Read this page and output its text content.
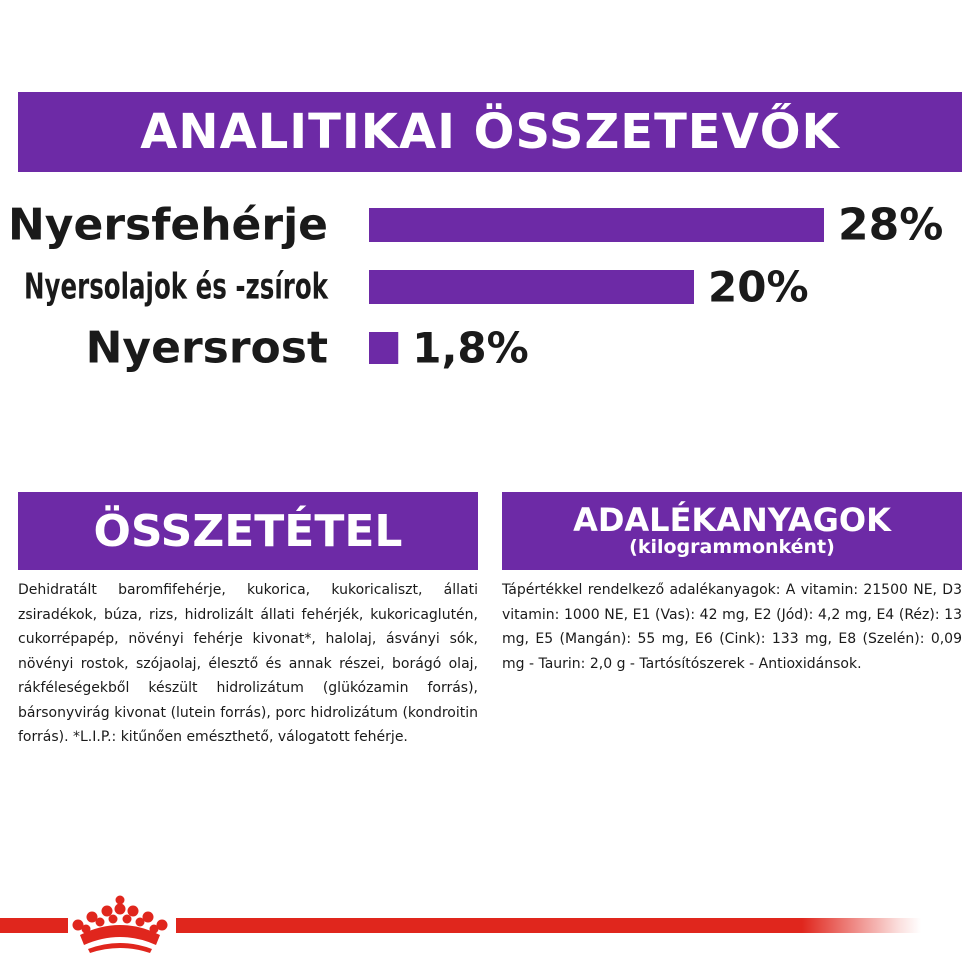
ANALITIKAI ÖSSZETEVŐK
Nyersfehérje	28%
Nyersolajok és -zsírok	20%
Nyersrost 1,8%
ÖSSZETÉTEL
Dehidratált baromfifehérje, kukorica, kukoricaliszt, állati zsiradékok, búza, rizs, hidrolizált állati fehérjék, kukoricaglutén, cukorrépapép, növényi fehérje kivonat*, halolaj, ásványi sók, növényi rostok, szójaolaj, élesztő és annak részei, borágó olaj, rákféleségekből készült hidrolizátum (glükózamin forrás), bársonyvirág kivonat (lutein forrás), porc hidrolizátum (kondroitin forrás). *L.I.P.: kitűnően emészthető, válogatott fehérje.
ADALÉKANYAGOK
(kilogrammonként)
Tápértékkel rendelkező adalékanyagok: A vitamin: 21500 NE, D3 vitamin: 1000 NE, E1 (Vas): 42 mg, E2 (Jód): 4,2 mg, E4 (Réz): 13 mg, E5 (Mangán): 55 mg, E6 (Cink): 133 mg, E8 (Szelén): 0,09 mg - Taurin: 2,0 g - Tartósítószerek - Antioxidánsok.
